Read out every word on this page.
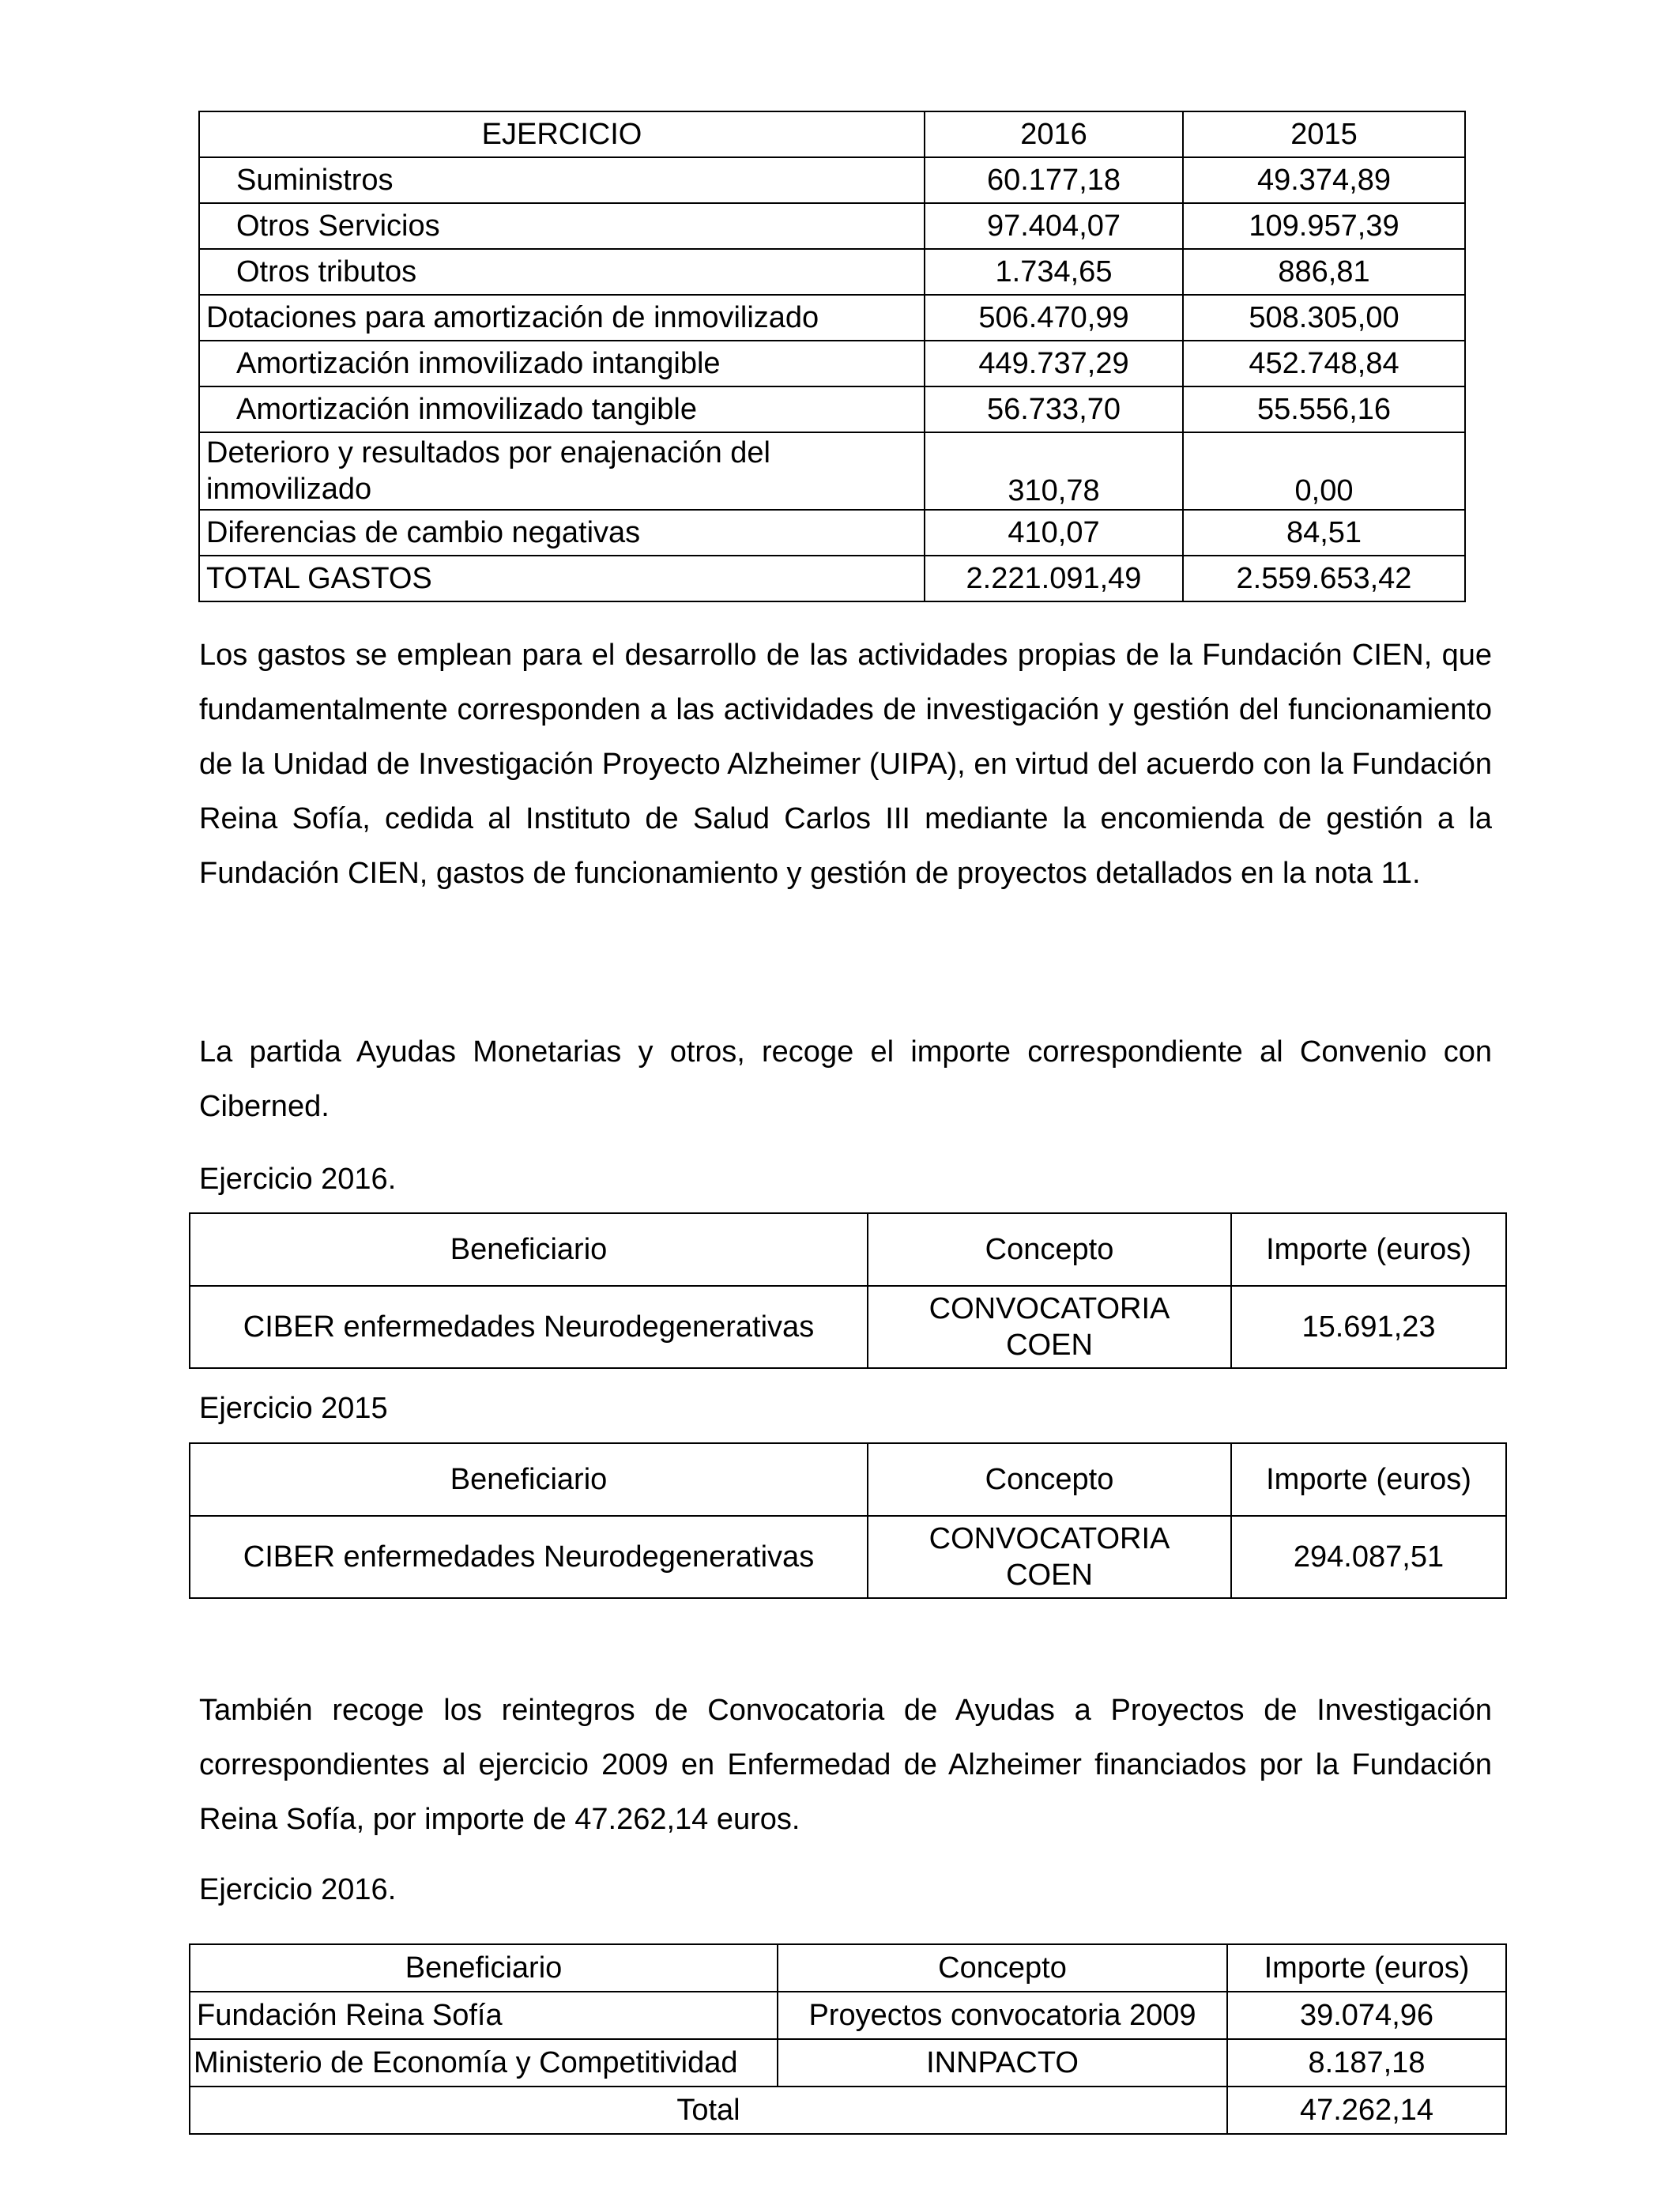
EJERCICIO	2016	2015
Suministros	60.177,18	49.374,89
Otros Servicios	97.404,07	109.957,39
Otros tributos	1.734,65	886,81
Dotaciones para amortización de inmovilizado	506.470,99	508.305,00
Amortización inmovilizado intangible	449.737,29	452.748,84
Amortización inmovilizado tangible	56.733,70	55.556,16
Deterioro y resultados por enajenación del inmovilizado	310,78	0,00
Diferencias de cambio negativas	410,07	84,51
TOTAL GASTOS	2.221.091,49	2.559.653,42
Los gastos se emplean para el desarrollo de las actividades propias de la Fundación CIEN, que fundamentalmente corresponden a las actividades de investigación y gestión del funcionamiento de la Unidad de Investigación Proyecto Alzheimer (UIPA), en virtud del acuerdo con la Fundación Reina Sofía, cedida al Instituto de Salud Carlos III mediante la encomienda de gestión a la Fundación CIEN, gastos de funcionamiento y gestión de proyectos detallados en la nota 11.
La partida Ayudas Monetarias y otros, recoge el importe correspondiente al Convenio con Ciberned.
Ejercicio 2016.
Beneficiario	Concepto	Importe (euros)
CIBER enfermedades Neurodegenerativas	CONVOCATORIA COEN	15.691,23
Ejercicio 2015
Beneficiario	Concepto	Importe (euros)
CIBER enfermedades Neurodegenerativas	CONVOCATORIA COEN	294.087,51
También recoge los reintegros de Convocatoria de Ayudas a Proyectos de Investigación correspondientes al ejercicio 2009 en Enfermedad de Alzheimer financiados por la Fundación Reina Sofía, por importe de 47.262,14 euros.
Ejercicio 2016.
Beneficiario	Concepto	Importe (euros)
Fundación Reina Sofía	Proyectos convocatoria 2009	39.074,96
Ministerio de Economía y Competitividad	INNPACTO	8.187,18
Total		47.262,14
